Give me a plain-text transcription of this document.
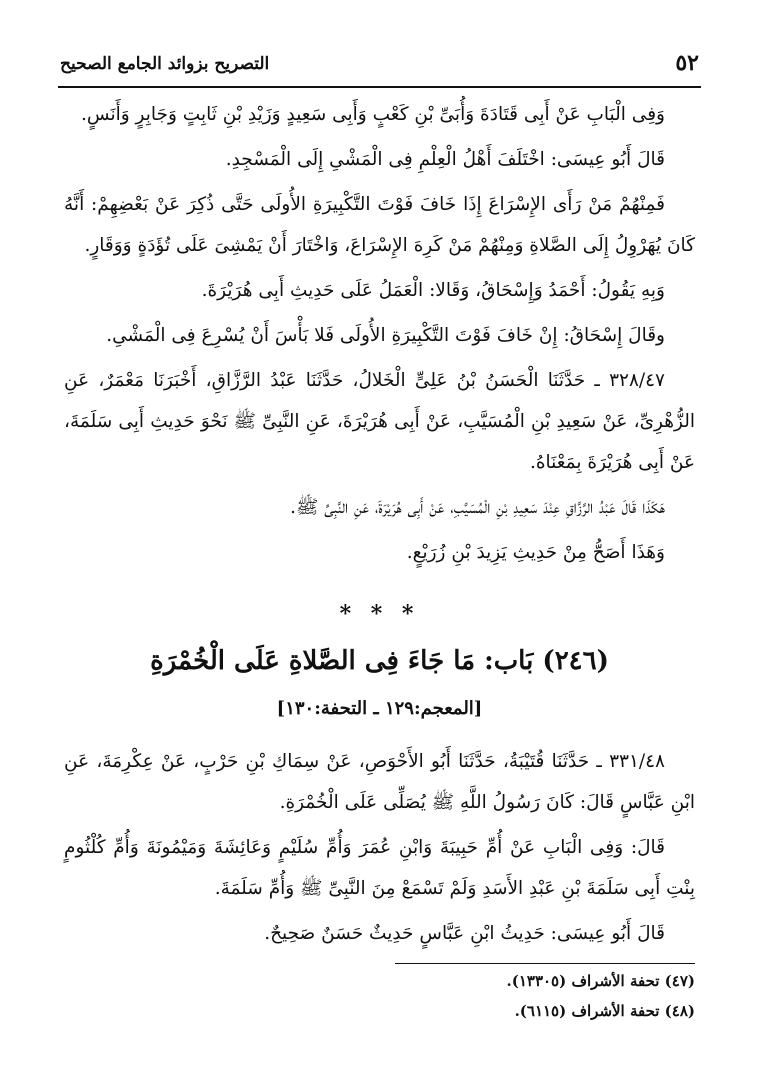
٥٢
التصريح بزوائد الجامع الصحيح

وَفِى الْبَابِ عَنْ أَبِى قَتَادَةَ وَأُبَىِّ بْنِ كَعْبٍ وَأَبِى سَعِيدٍ وَزَيْدِ بْنِ ثَابِتٍ وَجَابِرٍ وَأَنَسٍ.

قَالَ أَبُو عِيسَى: اخْتَلَفَ أَهْلُ الْعِلْمِ فِى الْمَشْىِ إِلَى الْمَسْجِدِ.

فَمِنْهُمْ مَنْ رَأَى الإِسْرَاعَ إِذَا خَافَ فَوْتَ التَّكْبِيرَةِ الأُولَى حَتَّى ذُكِرَ عَنْ بَعْضِهِمْ: أَنَّهُ كَانَ يُهَرْوِلُ إِلَى الصَّلاةِ وَمِنْهُمْ مَنْ كَرِهَ الإِسْرَاعَ، وَاخْتَارَ أَنْ يَمْشِىَ عَلَى تُؤَدَةٍ وَوَقَارٍ.

وَبِهِ يَقُولُ: أَحْمَدُ وَإِسْحَاقُ، وَقَالا: الْعَمَلُ عَلَى حَدِيثِ أَبِى هُرَيْرَةَ.

وقَالَ إِسْحَاقُ: إِنْ خَافَ فَوْتَ التَّكْبِيرَةِ الأُولَى فَلا بَأْسَ أَنْ يُسْرِعَ فِى الْمَشْىِ.

٣٢٨/٤٧ ـ حَدَّثَنَا الْحَسَنُ بْنُ عَلِىٍّ الْخَلالُ، حَدَّثَنَا عَبْدُ الرَّزَّاقِ، أَخْبَرَنَا مَعْمَرٌ، عَنِ الزُّهْرِىِّ، عَنْ سَعِيدِ بْنِ الْمُسَيَّبِ، عَنْ أَبِى هُرَيْرَةَ، عَنِ النَّبِىِّ ﷺ نَحْوَ حَدِيثِ أَبِى سَلَمَةَ، عَنْ أَبِى هُرَيْرَةَ بِمَعْنَاهُ.

هَكَذَا قَالَ عَبْدُ الرَّزَّاقِ عِنْدَ سَعِيدِ بْنِ الْمُسَيَّبِ، عَنْ أَبِى هُرَيْرَةَ، عَنِ النَّبِىِّ ﷺ.

وَهَذَا أَصَحُّ مِنْ حَدِيثِ يَزِيدَ بْنِ زُرَيْعٍ.

* * *
(٢٤٦) بَاب: مَا جَاءَ فِى الصَّلاةِ عَلَى الْخُمْرَةِ
[المعجم:١٢٩ ـ التحفة:١٣٠]

٣٣١/٤٨ ـ حَدَّثَنَا قُتَيْبَةُ، حَدَّثَنَا أَبُو الأَحْوَصِ، عَنْ سِمَاكِ بْنِ حَرْبٍ، عَنْ عِكْرِمَةَ، عَنِ ابْنِ عَبَّاسٍ قَالَ: كَانَ رَسُولُ اللَّهِ ﷺ يُصَلِّى عَلَى الْخُمْرَةِ.

قَالَ: وَفِى الْبَابِ عَنْ أُمِّ حَبِيبَةَ وَابْنِ عُمَرَ وَأُمِّ سُلَيْمٍ وَعَائِشَةَ وَمَيْمُونَةَ وَأُمِّ كُلْثُومٍ بِنْتِ أَبِى سَلَمَةَ بْنِ عَبْدِ الأَسَدِ وَلَمْ تَسْمَعْ مِنَ النَّبِىِّ ﷺ وَأُمِّ سَلَمَةَ.

قَالَ أَبُو عِيسَى: حَدِيثُ ابْنِ عَبَّاسٍ حَدِيثٌ حَسَنٌ صَحِيحٌ.

(٤٧) تحفة الأشراف (١٣٣٠٥).
(٤٨) تحفة الأشراف (٦١١٥).
